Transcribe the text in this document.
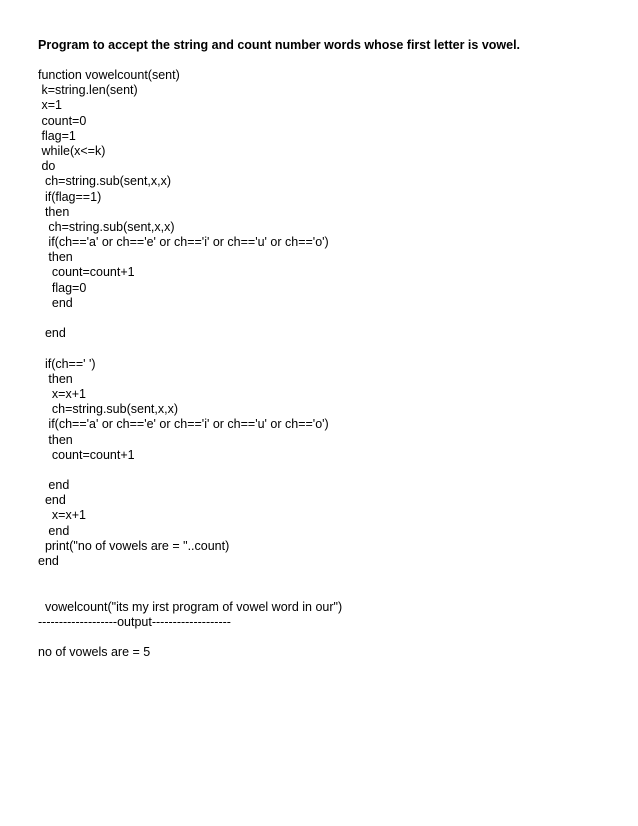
Program to accept the string and count number words whose first letter is vowel.
function vowelcount(sent)
k=string.len(sent)
x=1
count=0
flag=1
while(x<=k)
do
ch=string.sub(sent,x,x)
if(flag==1)
then
ch=string.sub(sent,x,x)
if(ch=='a' or ch=='e' or ch=='i' or ch=='u' or ch=='o')
then
count=count+1
flag=0
end
end
if(ch==' ')
then
x=x+1
ch=string.sub(sent,x,x)
if(ch=='a' or ch=='e' or ch=='i' or ch=='u' or ch=='o')
then
count=count+1
end
end
x=x+1
end
print("no of vowels are = "..count)
end
vowelcount("its my irst program of vowel word in our")
-------------------output-------------------
no of vowels are = 5
